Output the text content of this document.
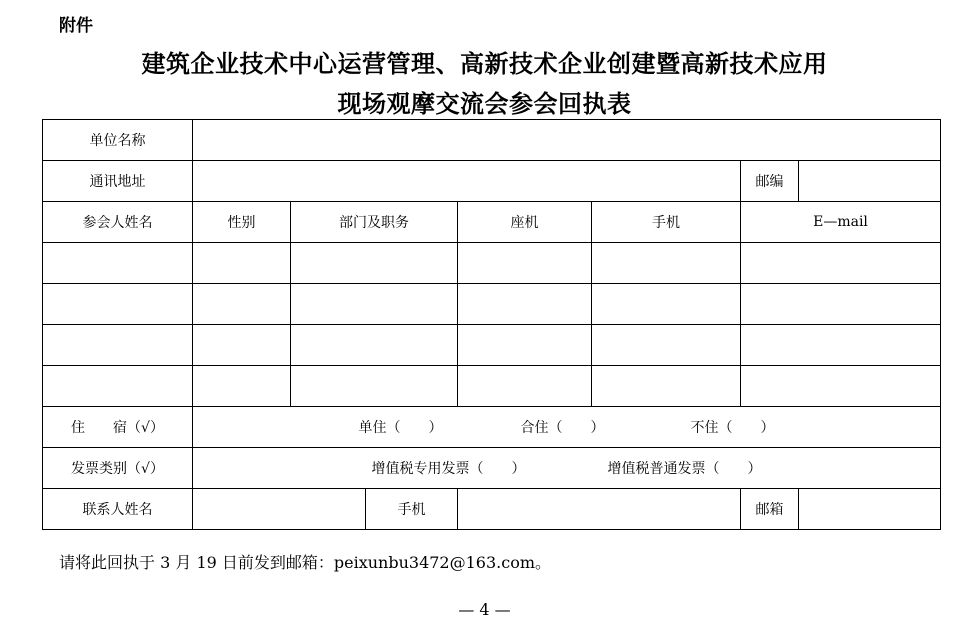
附件
建筑企业技术中心运营管理、高新技术企业创建暨高新技术应用
现场观摩交流会参会回执表
单位名称							
通讯地址						邮编	
参会人姓名	性别	部门及职务		座机	手机	E—mail	

住　　宿（√）	单住（　　） 合住（　　） 不住（　　）						
发票类别（√）	增值税专用发票（　　） 增值税普通发票（　　）						
联系人姓名			手机			邮箱	
请将此回执于 3 月 19 日前发到邮箱：peixunbu3472@163.com。
— 4 —
